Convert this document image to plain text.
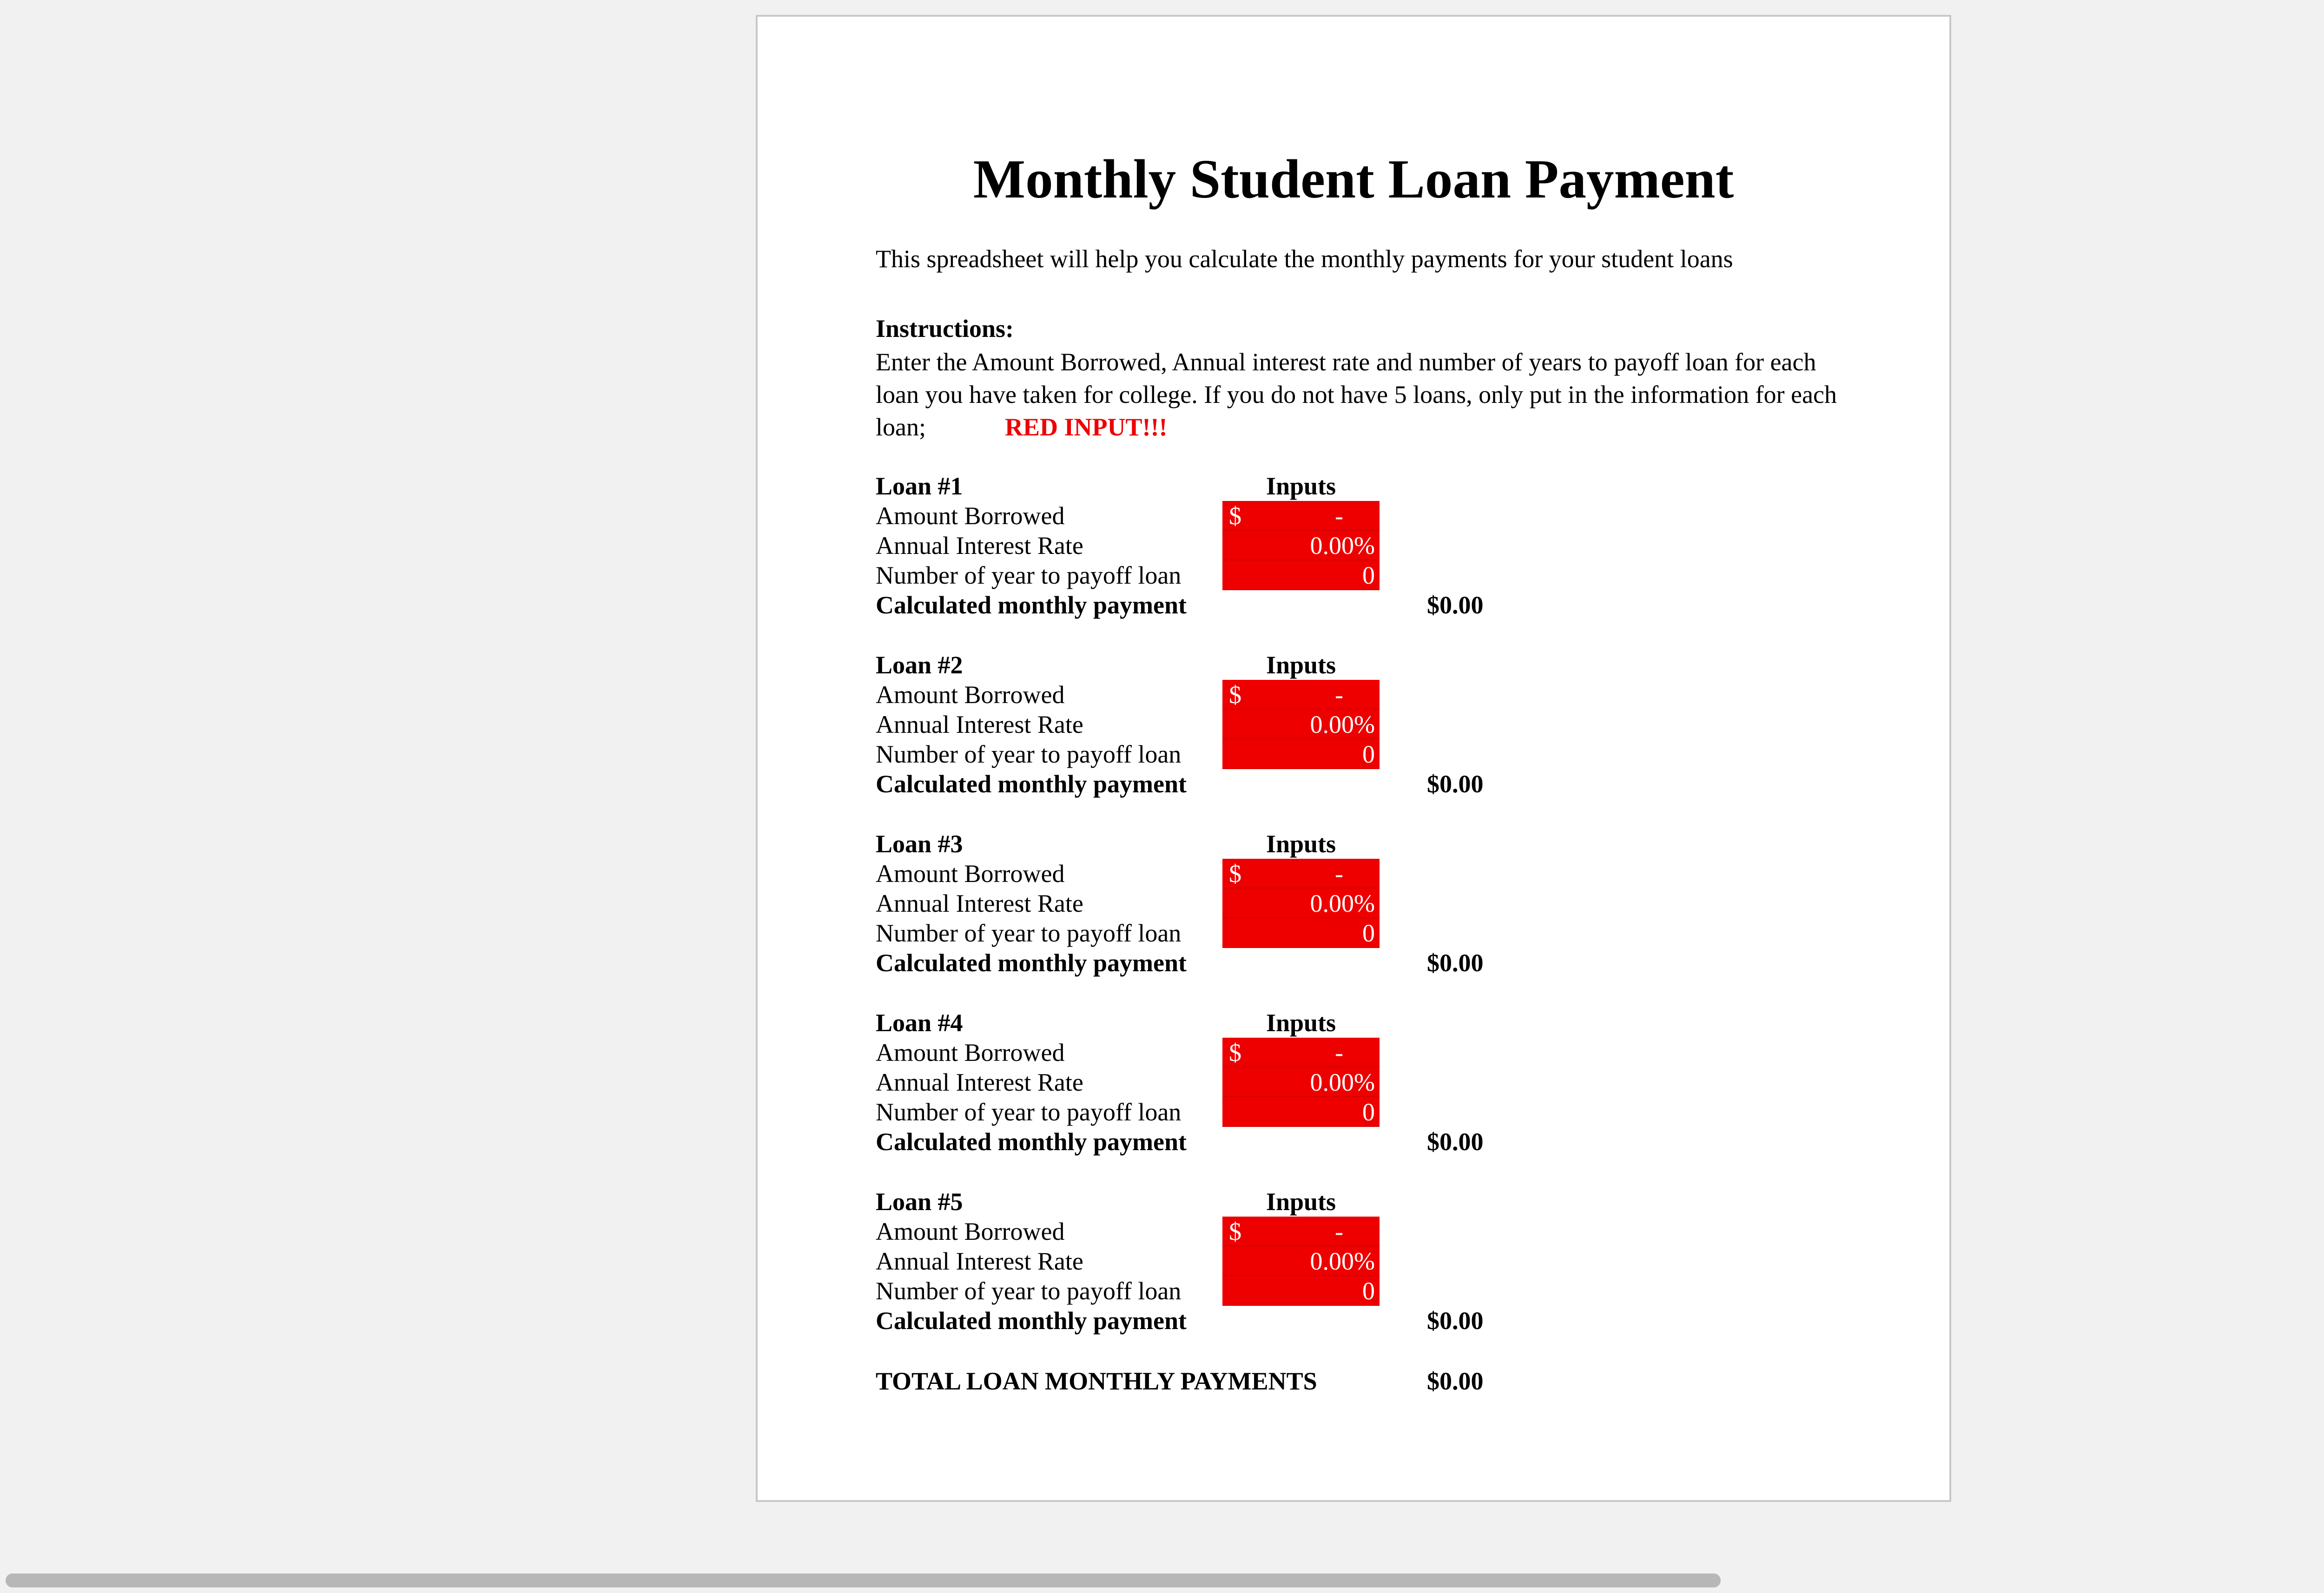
Monthly Student Loan Payment
This spreadsheet will help you calculate the monthly payments for your student loans
Instructions:
Enter the Amount Borrowed, Annual interest rate and number of years to payoff loan for each loan you have taken for college. If you do not have 5 loans, only put in the information for each loan;	RED INPUT!!!
Loan #1	Inputs
Amount Borrowed	$	-
Annual Interest Rate	0.00%
Number of year to payoff loan	0
Calculated monthly payment	$0.00
Loan #2	Inputs
Amount Borrowed	$	-
Annual Interest Rate	0.00%
Number of year to payoff loan	0
Calculated monthly payment	$0.00
Loan #3	Inputs
Amount Borrowed	$	-
Annual Interest Rate	0.00%
Number of year to payoff loan	0
Calculated monthly payment	$0.00
Loan #4	Inputs
Amount Borrowed	$	-
Annual Interest Rate	0.00%
Number of year to payoff loan	0
Calculated monthly payment	$0.00
Loan #5	Inputs
Amount Borrowed	$	-
Annual Interest Rate	0.00%
Number of year to payoff loan	0
Calculated monthly payment	$0.00
TOTAL LOAN MONTHLY PAYMENTS	$0.00
